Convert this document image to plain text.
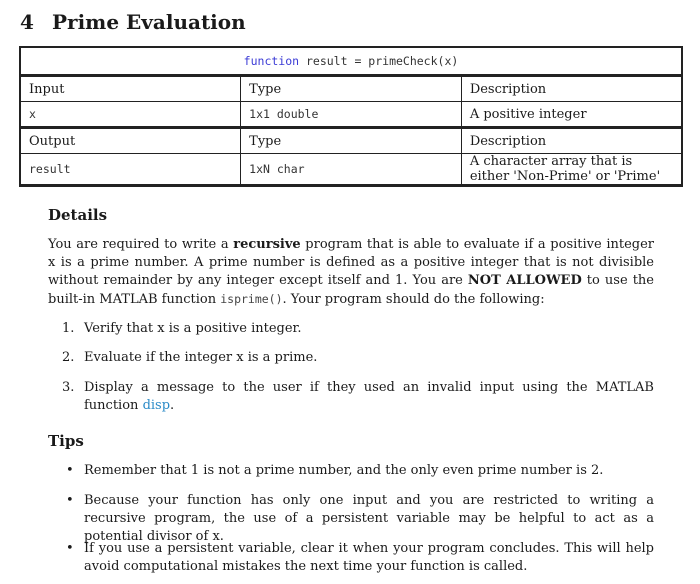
4 Prime Evaluation
function result = primeCheck(x)		
Input	Type	Description
x	1x1 double	A positive integer
Output	Type	Description
result	1xN char	A character array that is either 'Non-Prime' or 'Prime'
Details

You are required to write a recursive program that is able to evaluate if a positive integer x is a prime number. A prime number is defined as a positive integer that is not divisible without remainder by any integer except itself and 1. You are NOT ALLOWED to use the built-in MATLAB function isprime(). Your program should do the following:

1. Verify that x is a positive integer.
2. Evaluate if the integer x is a prime.
3. Display a message to the user if they used an invalid input using the MATLAB function disp.
Tips
• Remember that 1 is not a prime number, and the only even prime number is 2.
• Because your function has only one input and you are restricted to writing a recursive program, the use of a persistent variable may be helpful to act as a potential divisor of x.
• If you use a persistent variable, clear it when your program concludes. This will help avoid computational mistakes the next time your function is called.
